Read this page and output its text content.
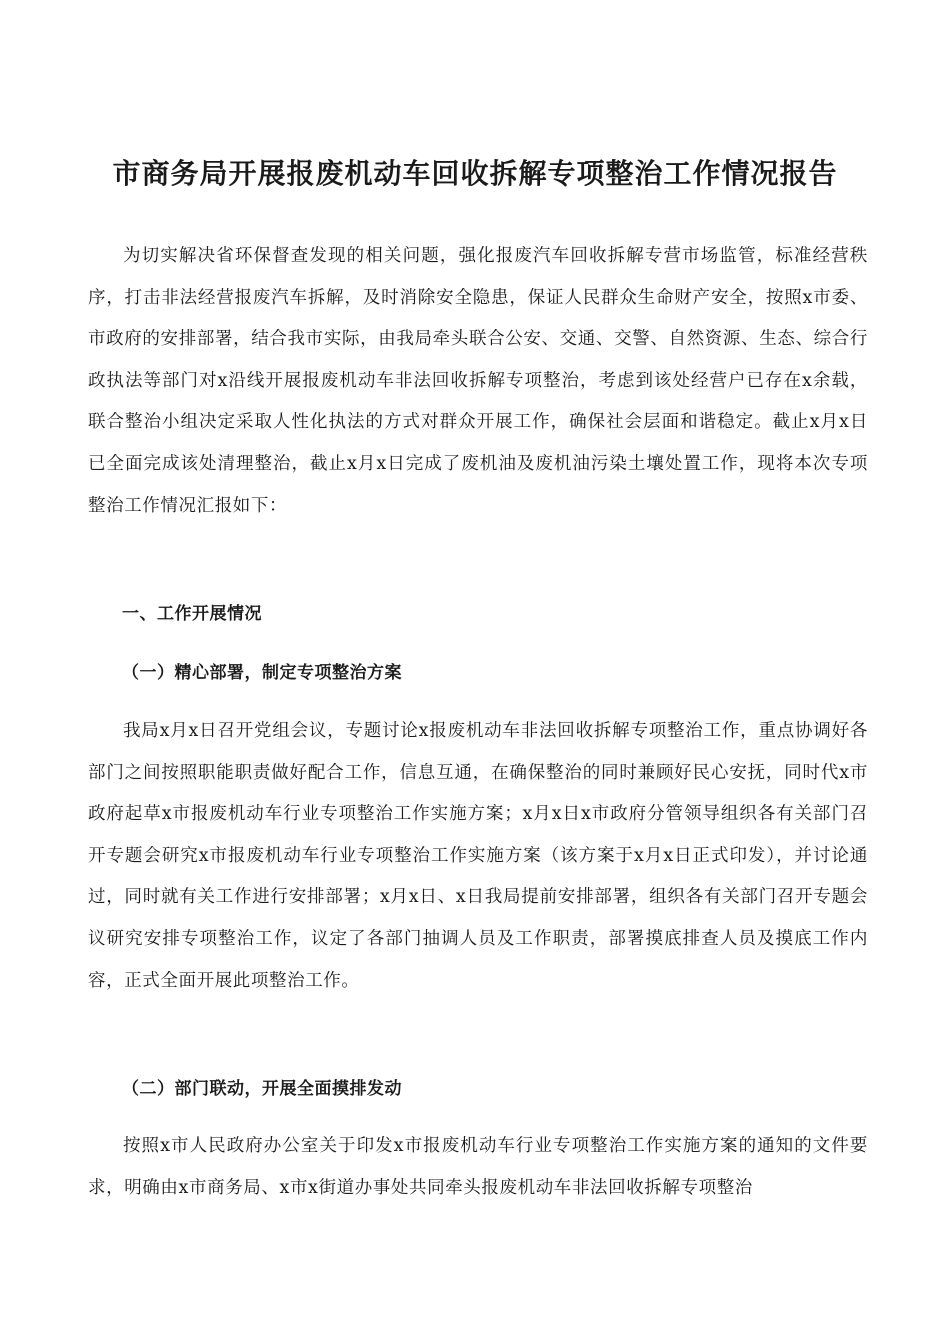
市商务局开展报废机动车回收拆解专项整治工作情况报告
为切实解决省环保督查发现的相关问题，强化报废汽车回收拆解专营市场监管，标准经营秩序，打击非法经营报废汽车拆解，及时消除安全隐患，保证人民群众生命财产安全，按照x市委、市政府的安排部署，结合我市实际，由我局牵头联合公安、交通、交警、自然资源、生态、综合行政执法等部门对x沿线开展报废机动车非法回收拆解专项整治，考虑到该处经营户已存在x余载，联合整治小组决定采取人性化执法的方式对群众开展工作，确保社会层面和谐稳定。截止x月x日已全面完成该处清理整治，截止x月x日完成了废机油及废机油污染土壤处置工作，现将本次专项整治工作情况汇报如下：
一、工作开展情况
（一）精心部署，制定专项整治方案
我局x月x日召开党组会议，专题讨论x报废机动车非法回收拆解专项整治工作，重点协调好各部门之间按照职能职责做好配合工作，信息互通，在确保整治的同时兼顾好民心安抚，同时代x市政府起草x市报废机动车行业专项整治工作实施方案；x月x日x市政府分管领导组织各有关部门召开专题会研究x市报废机动车行业专项整治工作实施方案（该方案于x月x日正式印发），并讨论通过，同时就有关工作进行安排部署；x月x日、x日我局提前安排部署，组织各有关部门召开专题会议研究安排专项整治工作，议定了各部门抽调人员及工作职责，部署摸底排查人员及摸底工作内容，正式全面开展此项整治工作。
（二）部门联动，开展全面摸排发动
按照x市人民政府办公室关于印发x市报废机动车行业专项整治工作实施方案的通知的文件要求，明确由x市商务局、x市x街道办事处共同牵头报废机动车非法回收拆解专项整治
